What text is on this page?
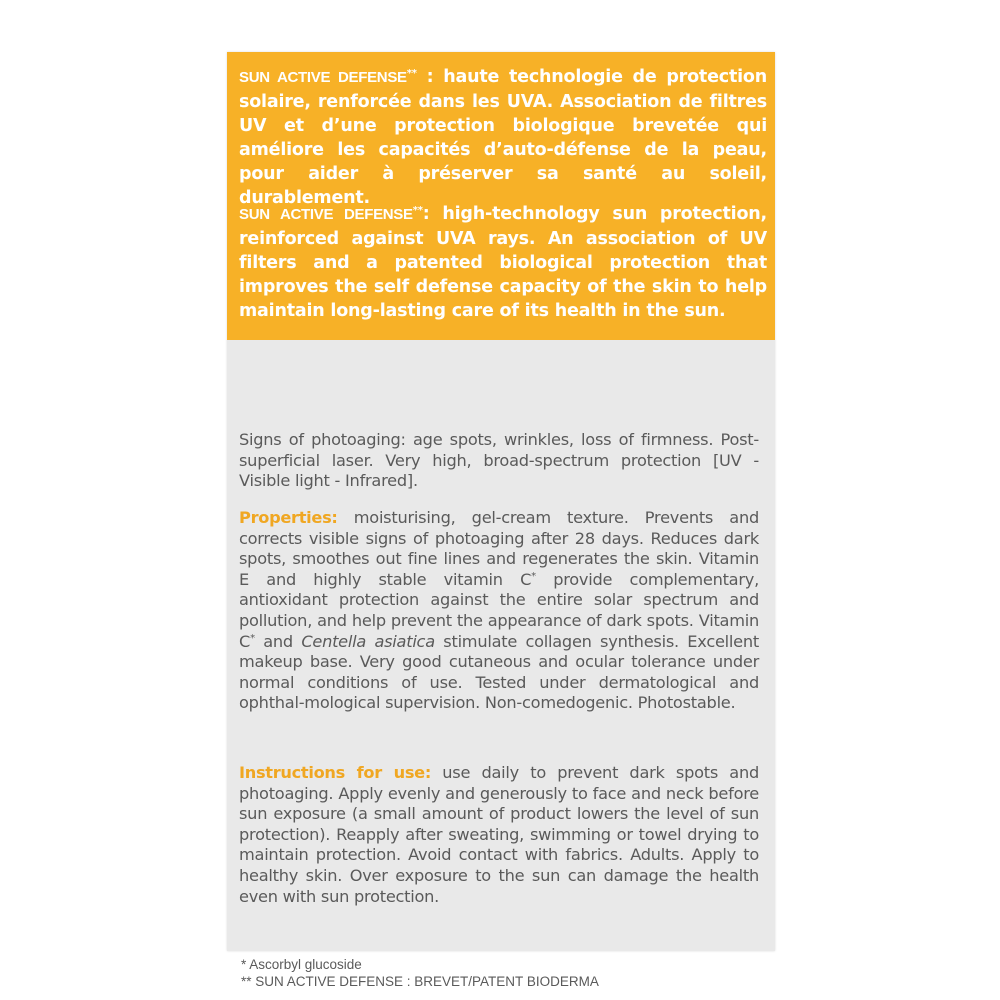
SUN ACTIVE DEFENSE** : haute technologie de protection solaire, renforcée dans les UVA. Association de filtres UV et d’une protection biologique brevetée qui améliore les capacités d’auto-défense de la peau, pour aider à préserver sa santé au soleil, durablement.

SUN ACTIVE DEFENSE**: high-technology sun protection, reinforced against UVA rays. An association of UV filters and a patented biological protection that improves the self defense capacity of the skin to help maintain long-lasting care of its health in the sun.

Signs of photoaging: age spots, wrinkles, loss of firmness. Post-superficial laser. Very high, broad-spectrum protection [UV - Visible light - Infrared].

Properties: moisturising, gel-cream texture. Prevents and corrects visible signs of photoaging after 28 days. Reduces dark spots, smoothes out fine lines and regenerates the skin. Vitamin E and highly stable vitamin C* provide complementary, antioxidant protection against the entire solar spectrum and pollution, and help prevent the appearance of dark spots. Vitamin C* and Centella asiatica stimulate collagen synthesis. Excellent makeup base. Very good cutaneous and ocular tolerance under normal conditions of use. Tested under dermatological and ophthal-mological supervision. Non-comedogenic. Photostable.

Instructions for use: use daily to prevent dark spots and photoaging. Apply evenly and generously to face and neck before sun exposure (a small amount of product lowers the level of sun protection). Reapply after sweating, swimming or towel drying to maintain protection. Avoid contact with fabrics. Adults. Apply to healthy skin. Over exposure to the sun can damage the health even with sun protection.

* Ascorbyl glucoside

** SUN ACTIVE DEFENSE : BREVET/PATENT BIODERMA
